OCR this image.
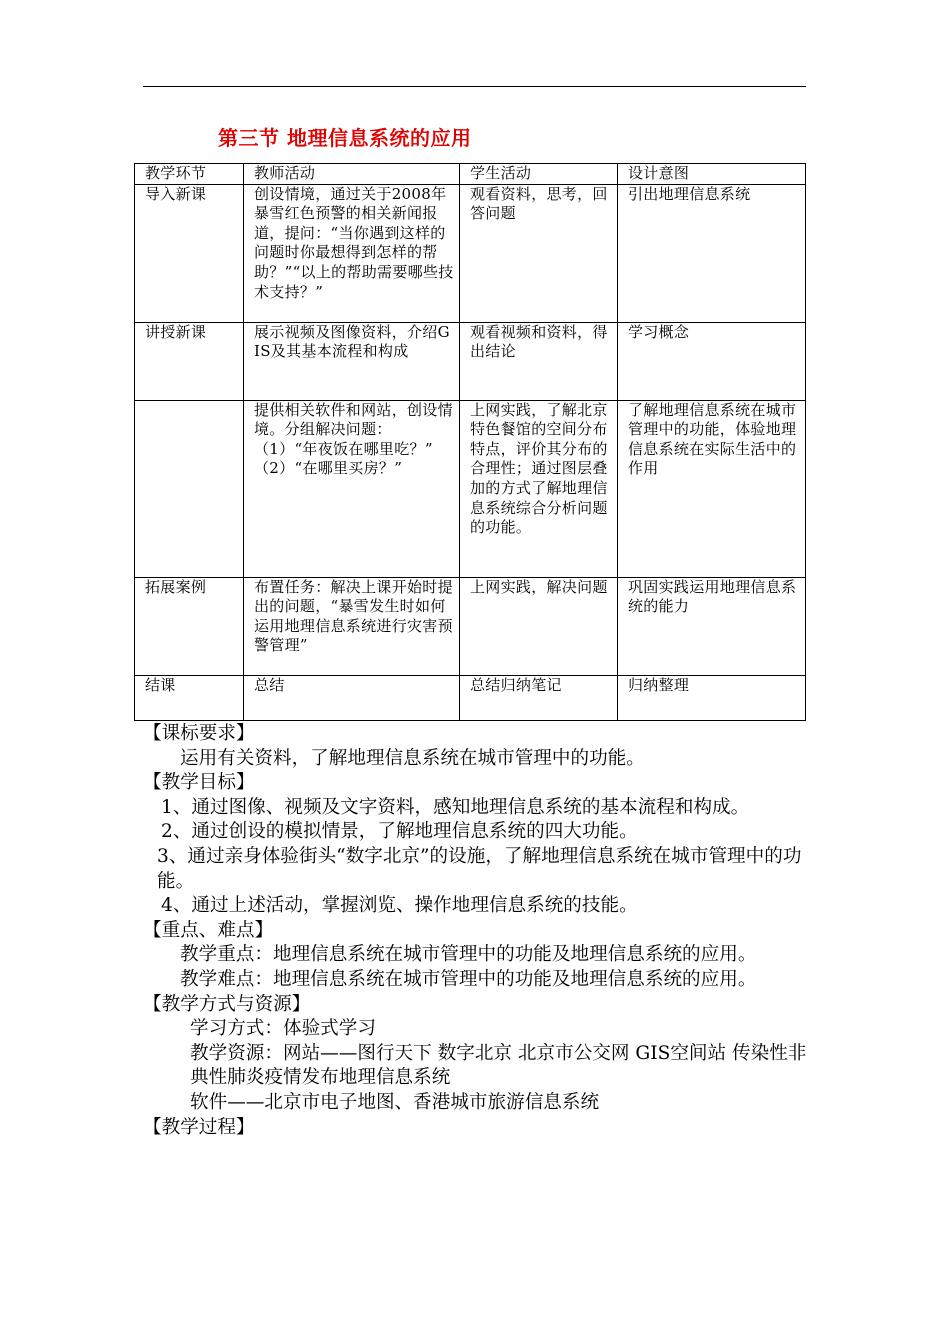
第三节 地理信息系统的应用
教学环节	教师活动	学生活动	设计意图
导入新课	创设情境，通过关于2008年暴雪红色预警的相关新闻报道，提问：“当你遇到这样的问题时你最想得到怎样的帮助？”“以上的帮助需要哪些技术支持？”	观看资料，思考，回答问题	引出地理信息系统
讲授新课	展示视频及图像资料，介绍GIS及其基本流程和构成	观看视频和资料，得出结论	学习概念

	提供相关软件和网站，创设情境。分组解决问题：
（1）“年夜饭在哪里吃？”
（2）“在哪里买房？”	上网实践，了解北京特色餐馆的空间分布特点，评价其分布的合理性；通过图层叠加的方式了解地理信息系统综合分析问题的功能。	了解地理信息系统在城市管理中的功能，体验地理信息系统在实际生活中的作用
拓展案例	布置任务：解决上课开始时提出的问题，“暴雪发生时如何运用地理信息系统进行灾害预警管理”	上网实践，解决问题	巩固实践运用地理信息系统的能力
结课	总结	总结归纳笔记	归纳整理

【课标要求】

运用有关资料，了解地理信息系统在城市管理中的功能。

【教学目标】

1、通过图像、视频及文字资料，感知地理信息系统的基本流程和构成。

2、通过创设的模拟情景，了解地理信息系统的四大功能。

3、通过亲身体验街头“数字北京”的设施，了解地理信息系统在城市管理中的功能。

4、通过上述活动，掌握浏览、操作地理信息系统的技能。

【重点、难点】

教学重点：地理信息系统在城市管理中的功能及地理信息系统的应用。

教学难点：地理信息系统在城市管理中的功能及地理信息系统的应用。

【教学方式与资源】

学习方式：体验式学习

教学资源：网站——图行天下 数字北京 北京市公交网 GIS空间站 传染性非典性肺炎疫情发布地理信息系统

软件——北京市电子地图、香港城市旅游信息系统

【教学过程】
